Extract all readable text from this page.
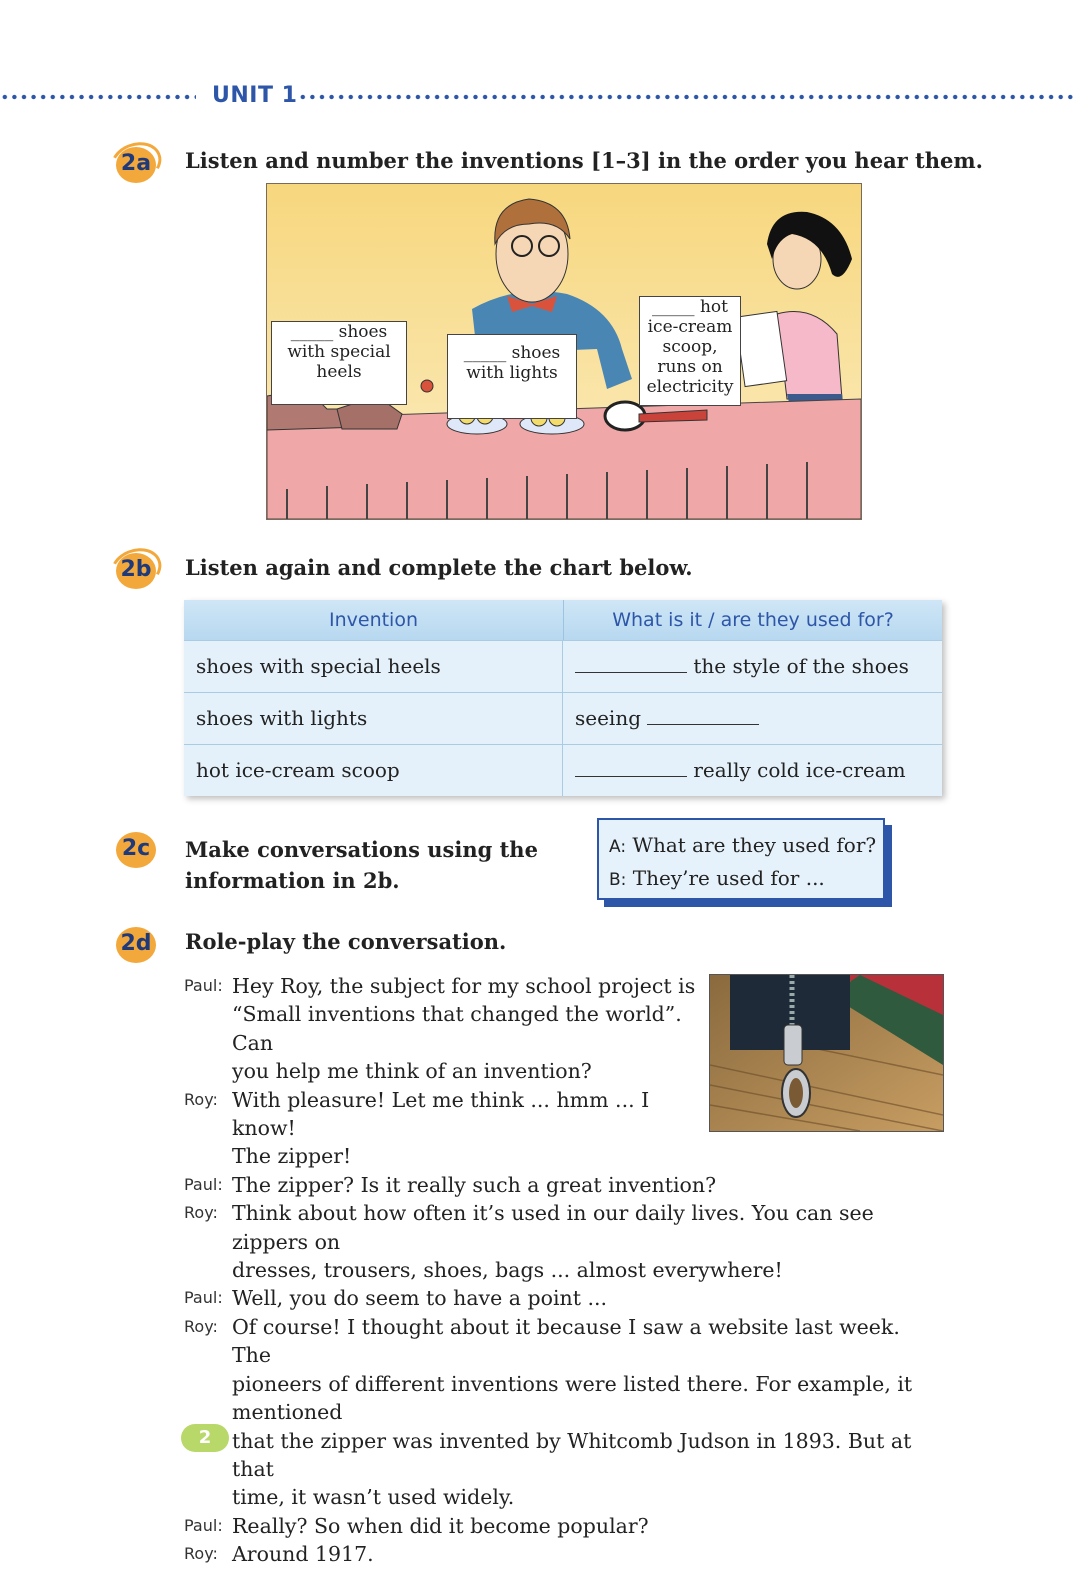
UNIT 1
2a	Listen and number the inventions [1–3] in the order you hear them.
_____ shoes
with special
heels
_____ shoes
with lights
_____ hot
ice-cream
scoop,
runs on
electricity
2b	Listen again and complete the chart below.
Invention	What is it / are they used for?
shoes with special heels	the style of the shoes
shoes with lights	seeing
hot ice-cream scoop	really cold ice-cream
2c	Make conversations using the
information in 2b.
A: What are they used for?
B: They’re used for ...
2d	Role-play the conversation.
Paul: Hey Roy, the subject for my school project is
“Small inventions that changed the world”. Can
you help me think of an invention?
Roy: With pleasure! Let me think ... hmm ... I know!
The zipper!
Paul: The zipper? Is it really such a great invention?
Roy: Think about how often it’s used in our daily lives. You can see zippers on
dresses, trousers, shoes, bags ... almost everywhere!
Paul: Well, you do seem to have a point ...
Roy: Of course! I thought about it because I saw a website last week. The
pioneers of different inventions were listed there. For example, it mentioned
that the zipper was invented by Whitcomb Judson in 1893. But at that
time, it wasn’t used widely.
Paul: Really? So when did it become popular?
Roy: Around 1917.
2
